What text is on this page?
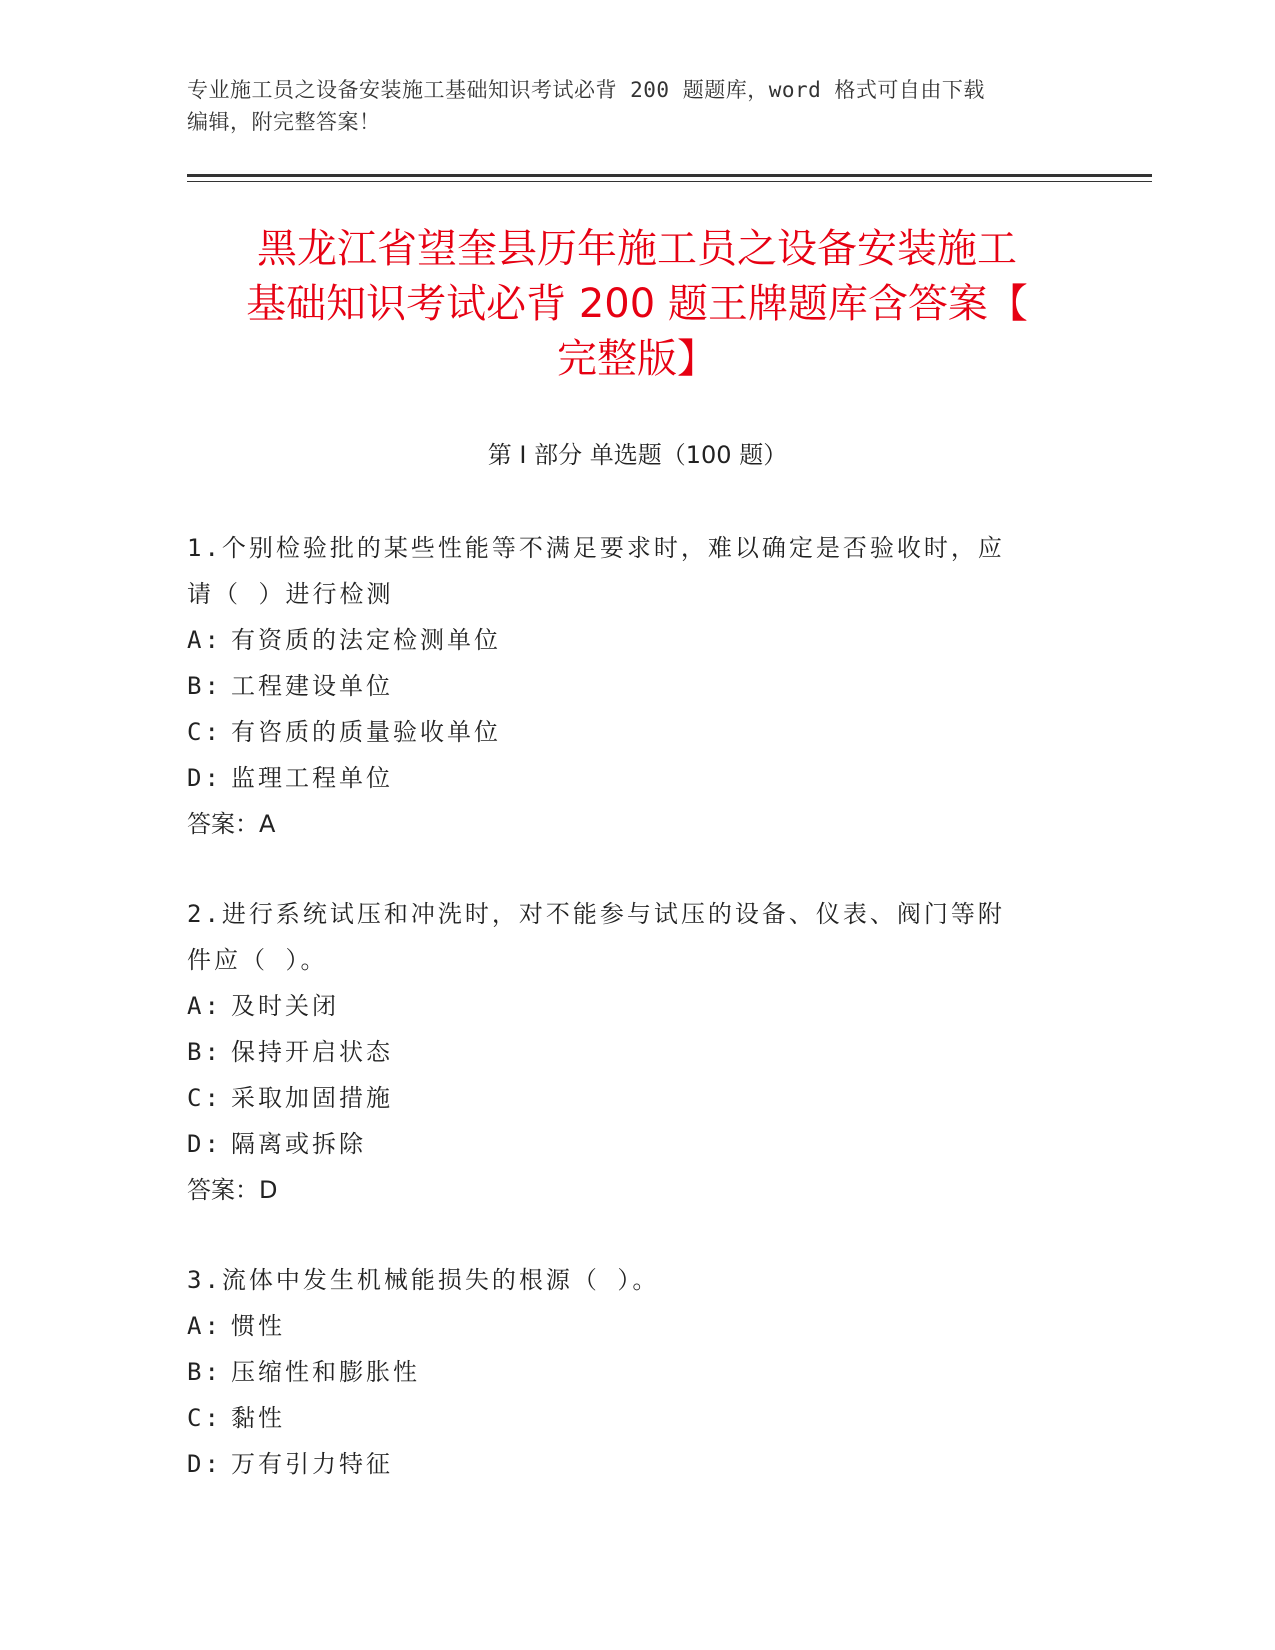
专业施工员之设备安装施工基础知识考试必背 200 题题库，word 格式可自由下载
编辑，附完整答案！
黑龙江省望奎县历年施工员之设备安装施工
基础知识考试必背 200 题王牌题库含答案【
完整版】
第 I 部分 单选题（100 题）

1.个别检验批的某些性能等不满足要求时，难以确定是否验收时，应
请（ ）进行检测

A: 有资质的法定检测单位
B: 工程建设单位
C: 有咨质的质量验收单位
D: 监理工程单位
答案：A

2.进行系统试压和冲洗时，对不能参与试压的设备、仪表、阀门等附
件应（ ）。

A: 及时关闭
B: 保持开启状态
C: 采取加固措施
D: 隔离或拆除
答案：D

3.流体中发生机械能损失的根源（ ）。

A: 惯性
B: 压缩性和膨胀性
C: 黏性
D: 万有引力特征
